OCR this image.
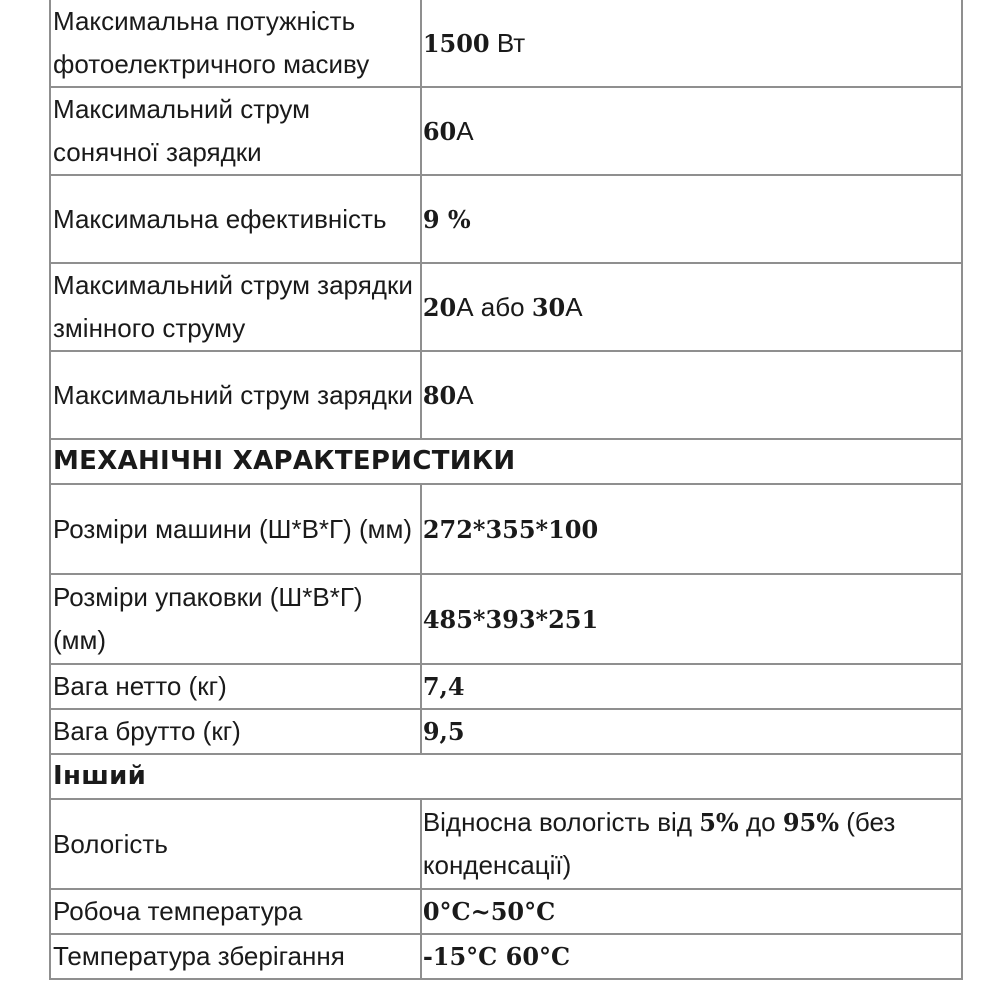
Максимальна потужність фотоелектричного масиву	1500 Вт
Максимальний струм сонячної зарядки	60А
Максимальна ефективність	9 %
Максимальний струм зарядки змінного струму	20А або 30А
Максимальний струм зарядки	80А
МЕХАНІЧНІ ХАРАКТЕРИСТИКИ	
Розміри машини (Ш*В*Г) (мм)	272*355*100
Розміри упаковки (Ш*В*Г) (мм)	485*393*251
Вага нетто (кг)	7,4
Вага брутто (кг)	9,5
Інший	
Вологість	Відносна вологість від 5% до 95% (без конденсації)
Робоча температура	0°C~50°C
Температура зберігання	-15°C 60°C
